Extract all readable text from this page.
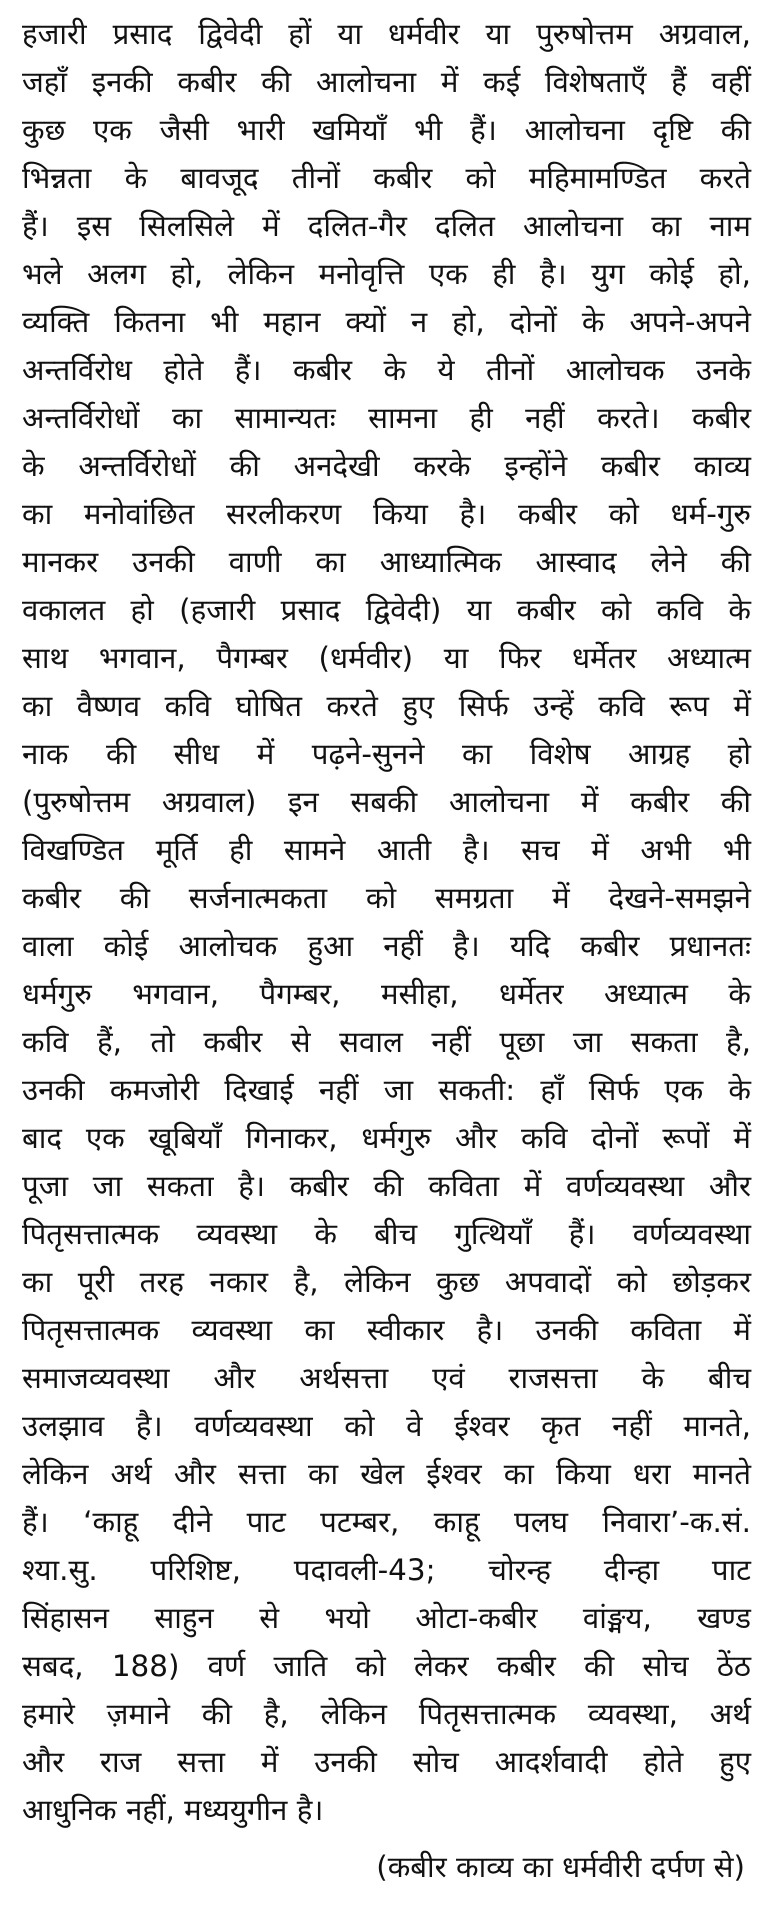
हजारी प्रसाद द्विवेदी हों या धर्मवीर या पुरुषोत्तम अग्रवाल,
जहाँ इनकी कबीर की आलोचना में कई विशेषताएँ हैं वहीं
कुछ एक जैसी भारी खमियाँ भी हैं। आलोचना दृष्टि की
भिन्नता के बावजूद तीनों कबीर को महिमामण्डित करते
हैं। इस सिलसिले में दलित-गैर दलित आलोचना का नाम
भले अलग हो, लेकिन मनोवृत्ति एक ही है। युग कोई हो,
व्यक्ति कितना भी महान क्यों न हो, दोनों के अपने-अपने
अन्तर्विरोध होते हैं। कबीर के ये तीनों आलोचक उनके
अन्तर्विरोधों का सामान्यतः सामना ही नहीं करते। कबीर
के अन्तर्विरोधों की अनदेखी करके इन्होंने कबीर काव्य
का मनोवांछित सरलीकरण किया है। कबीर को धर्म-गुरु
मानकर उनकी वाणी का आध्यात्मिक आस्वाद लेने की
वकालत हो (हजारी प्रसाद द्विवेदी) या कबीर को कवि के
साथ भगवान, पैगम्बर (धर्मवीर) या फिर धर्मेतर अध्यात्म
का वैष्णव कवि घोषित करते हुए सिर्फ उन्हें कवि रूप में
नाक की सीध में पढ़ने-सुनने का विशेष आग्रह हो
(पुरुषोत्तम अग्रवाल) इन सबकी आलोचना में कबीर की
विखण्डित मूर्ति ही सामने आती है। सच में अभी भी
कबीर की सर्जनात्मकता को समग्रता में देखने-समझने
वाला कोई आलोचक हुआ नहीं है। यदि कबीर प्रधानतः
धर्मगुरु भगवान, पैगम्बर, मसीहा, धर्मेतर अध्यात्म के
कवि हैं, तो कबीर से सवाल नहीं पूछा जा सकता है,
उनकी कमजोरी दिखाई नहीं जा सकती: हाँ सिर्फ एक के
बाद एक खूबियाँ गिनाकर, धर्मगुरु और कवि दोनों रूपों में
पूजा जा सकता है। कबीर की कविता में वर्णव्यवस्था और
पितृसत्तात्मक व्यवस्था के बीच गुत्थियाँ हैं। वर्णव्यवस्था
का पूरी तरह नकार है, लेकिन कुछ अपवादों को छोड़कर
पितृसत्तात्मक व्यवस्था का स्वीकार है। उनकी कविता में
समाजव्यवस्था और अर्थसत्ता एवं राजसत्ता के बीच
उलझाव है। वर्णव्यवस्था को वे ईश्वर कृत नहीं मानते,
लेकिन अर्थ और सत्ता का खेल ईश्वर का किया धरा मानते
हैं। ‘काहू दीने पाट पटम्बर, काहू पलघ निवारा’-क.सं.
श्या.सु. परिशिष्ट, पदावली-43; चोरन्ह दीन्हा पाट
सिंहासन साहुन से भयो ओटा-कबीर वांङ्मय, खण्ड
सबद, 188) वर्ण जाति को लेकर कबीर की सोच ठेंठ
हमारे ज़माने की है, लेकिन पितृसत्तात्मक व्यवस्था, अर्थ
और राज सत्ता में उनकी सोच आदर्शवादी होते हुए
आधुनिक नहीं, मध्ययुगीन है।
(कबीर काव्य का धर्मवीरी दर्पण से)
